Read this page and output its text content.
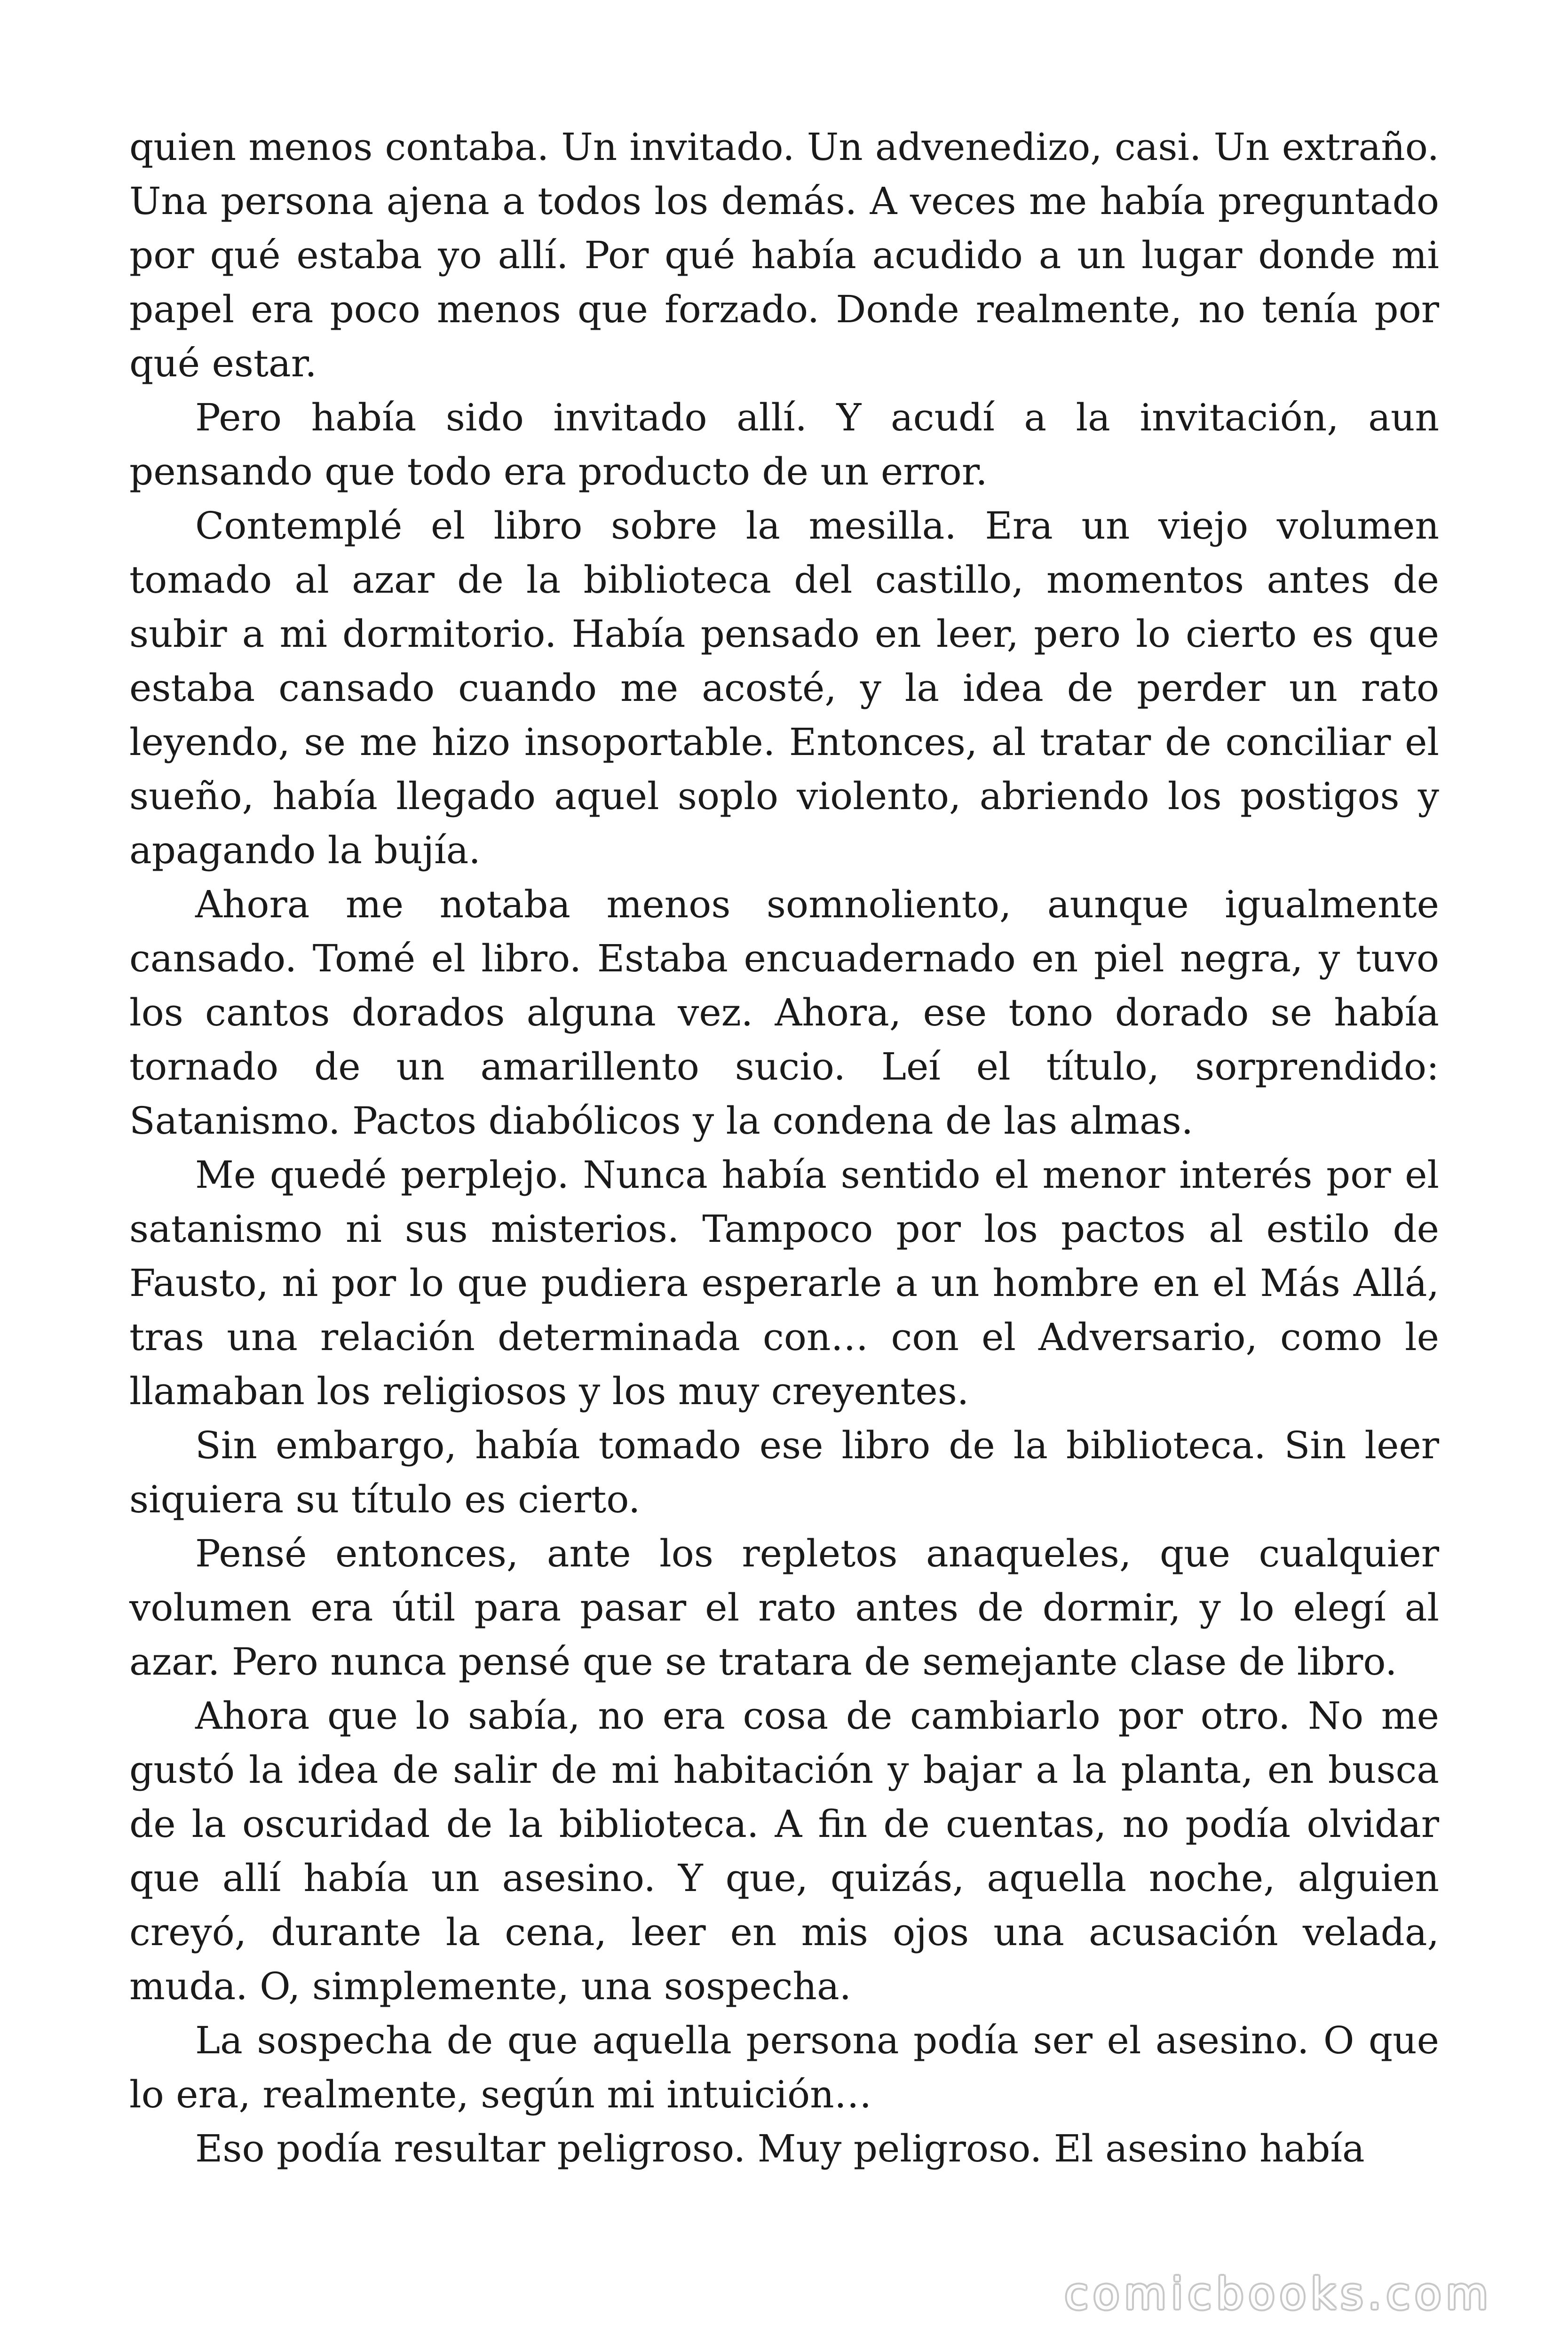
quien menos contaba. Un invitado. Un advenedizo, casi. Un extraño. Una persona ajena a todos los demás. A veces me había preguntado por qué estaba yo allí. Por qué había acudido a un lugar donde mi papel era poco menos que forzado. Donde realmente, no tenía por qué estar.

Pero había sido invitado allí. Y acudí a la invitación, aun pensando que todo era producto de un error.

Contemplé el libro sobre la mesilla. Era un viejo volumen tomado al azar de la biblioteca del castillo, momentos antes de subir a mi dormitorio. Había pensado en leer, pero lo cierto es que estaba cansado cuando me acosté, y la idea de perder un rato leyendo, se me hizo insoportable. Entonces, al tratar de conciliar el sueño, había llegado aquel soplo violento, abriendo los postigos y apagando la bujía.

Ahora me notaba menos somnoliento, aunque igualmente cansado. Tomé el libro. Estaba encuadernado en piel negra, y tuvo los cantos dorados alguna vez. Ahora, ese tono dorado se había tornado de un amarillento sucio. Leí el título, sorprendido: Satanismo. Pactos diabólicos y la condena de las almas.

Me quedé perplejo. Nunca había sentido el menor interés por el satanismo ni sus misterios. Tampoco por los pactos al estilo de Fausto, ni por lo que pudiera esperarle a un hombre en el Más Allá, tras una relación determinada con… con el Adversario, como le llamaban los religiosos y los muy creyentes.

Sin embargo, había tomado ese libro de la biblioteca. Sin leer siquiera su título es cierto.

Pensé entonces, ante los repletos anaqueles, que cualquier volumen era útil para pasar el rato antes de dormir, y lo elegí al azar. Pero nunca pensé que se tratara de semejante clase de libro.

Ahora que lo sabía, no era cosa de cambiarlo por otro. No me gustó la idea de salir de mi habitación y bajar a la planta, en busca de la oscuridad de la biblioteca. A fin de cuentas, no podía olvidar que allí había un asesino. Y que, quizás, aquella noche, alguien creyó, durante la cena, leer en mis ojos una acusación velada, muda. O, simplemente, una sospecha.

La sospecha de que aquella persona podía ser el asesino. O que lo era, realmente, según mi intuición…

Eso podía resultar peligroso. Muy peligroso. El asesino había

comicbooks.com
